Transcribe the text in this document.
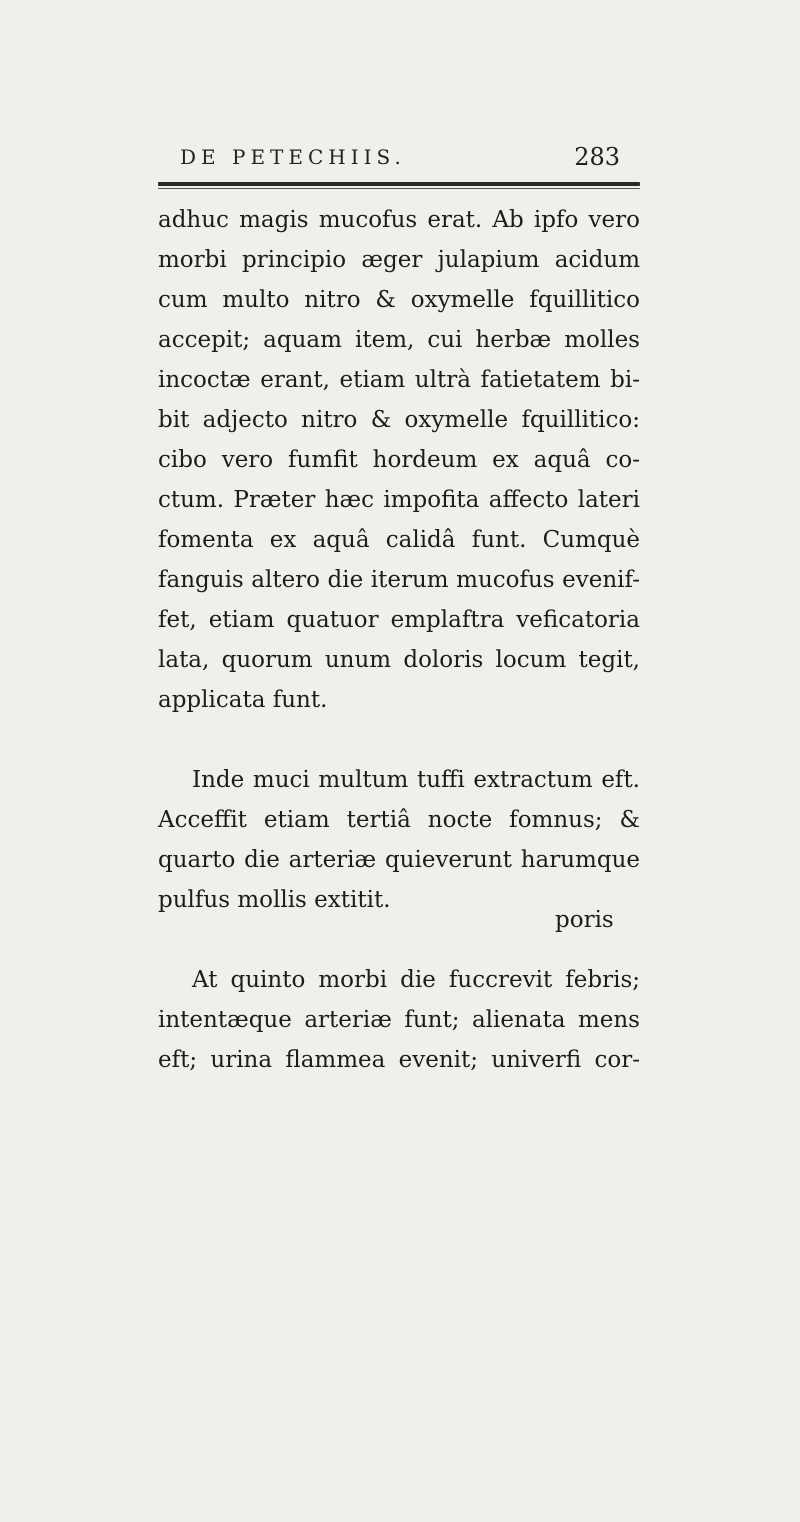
DE PETECHIIS.	283

adhuc magis mucofus erat. Ab ipfo vero morbi principio æger julapium acidum cum multo nitro & oxymelle fquillitico accepit; aquam item, cui herbæ molles incoctæ erant, etiam ultrà fatietatem bi-bit adjecto nitro & oxymelle fquillitico: cibo vero fumfit hordeum ex aquâ co-ctum. Præter hæc impofita affecto lateri fomenta ex aquâ calidâ funt. Cumquè fanguis altero die iterum mucofus evenif-fet, etiam quatuor emplaftra veficatoria lata, quorum unum doloris locum tegit, applicata funt.

Inde muci multum tuffi extractum eft. Acceffit etiam tertiâ nocte fomnus; & quarto die arteriæ quieverunt harumque pulfus mollis extitit.

At quinto morbi die fuccrevit febris; intentæque arteriæ funt; alienata mens eft; urina flammea evenit; univerfi cor-

poris
